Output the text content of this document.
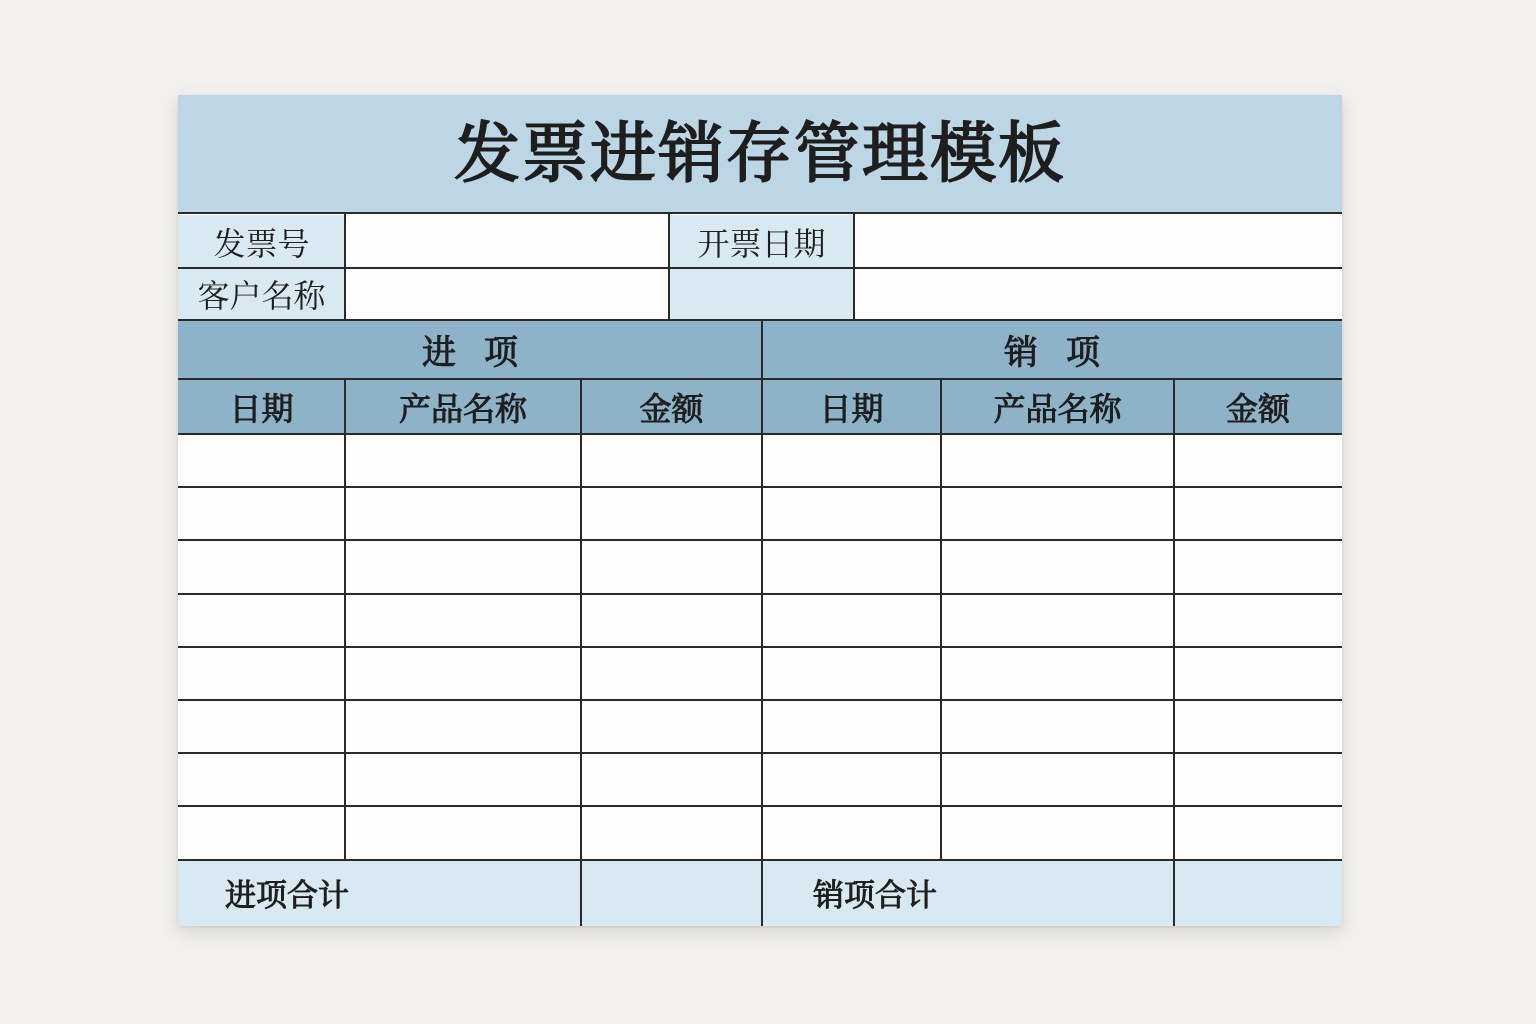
发票进销存管理模板
发票号	开票日期
客户名称
进项	销项
日期	产品名称	金额	日期	产品名称	金额
进项合计	销项合计
